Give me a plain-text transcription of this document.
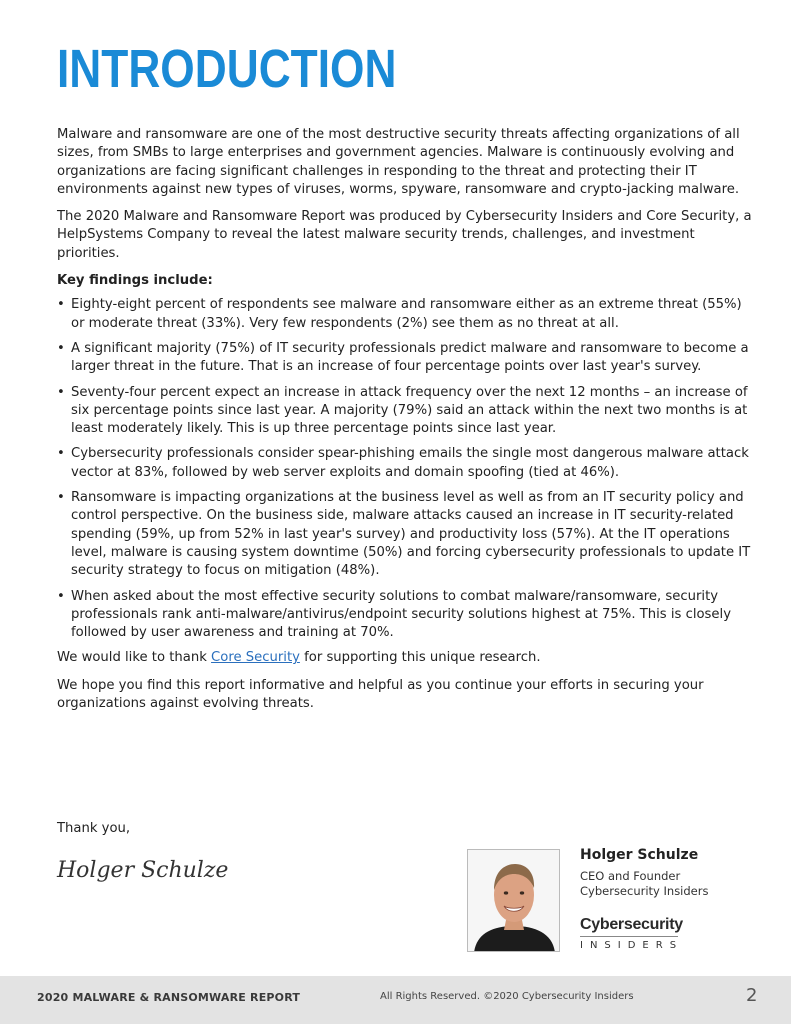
INTRODUCTION

Malware and ransomware are one of the most destructive security threats affecting organizations of all sizes, from SMBs to large enterprises and government agencies. Malware is continuously evolving and organizations are facing significant challenges in responding to the threat and protecting their IT environments against new types of viruses, worms, spyware, ransomware and crypto-jacking malware.

The 2020 Malware and Ransomware Report was produced by Cybersecurity Insiders and Core Security, a HelpSystems Company to reveal the latest malware security trends, challenges, and investment priorities.

Key findings include:

• Eighty-eight percent of respondents see malware and ransomware either as an extreme threat (55%) or moderate threat (33%). Very few respondents (2%) see them as no threat at all.
• A significant majority (75%) of IT security professionals predict malware and ransomware to become a larger threat in the future. That is an increase of four percentage points over last year's survey.
• Seventy-four percent expect an increase in attack frequency over the next 12 months – an increase of six percentage points since last year. A majority (79%) said an attack within the next two months is at least moderately likely. This is up three percentage points since last year.
• Cybersecurity professionals consider spear-phishing emails the single most dangerous malware attack vector at 83%, followed by web server exploits and domain spoofing (tied at 46%).
• Ransomware is impacting organizations at the business level as well as from an IT security policy and control perspective. On the business side, malware attacks caused an increase in IT security-related spending (59%, up from 52% in last year's survey) and productivity loss (57%). At the IT operations level, malware is causing system downtime (50%) and forcing cybersecurity professionals to update IT security strategy to focus on mitigation (48%).
• When asked about the most effective security solutions to combat malware/ransomware, security professionals rank anti-malware/antivirus/endpoint security solutions highest at 75%. This is closely followed by user awareness and training at 70%.

We would like to thank Core Security for supporting this unique research.

We hope you find this report informative and helpful as you continue your efforts in securing your organizations against evolving threats.

Thank you,
Holger Schulze
Holger Schulze
CEO and Founder
Cybersecurity Insiders
Cybersecurity
INSIDERS
2020 MALWARE & RANSOMWARE REPORT	All Rights Reserved. ©2020 Cybersecurity Insiders	2
